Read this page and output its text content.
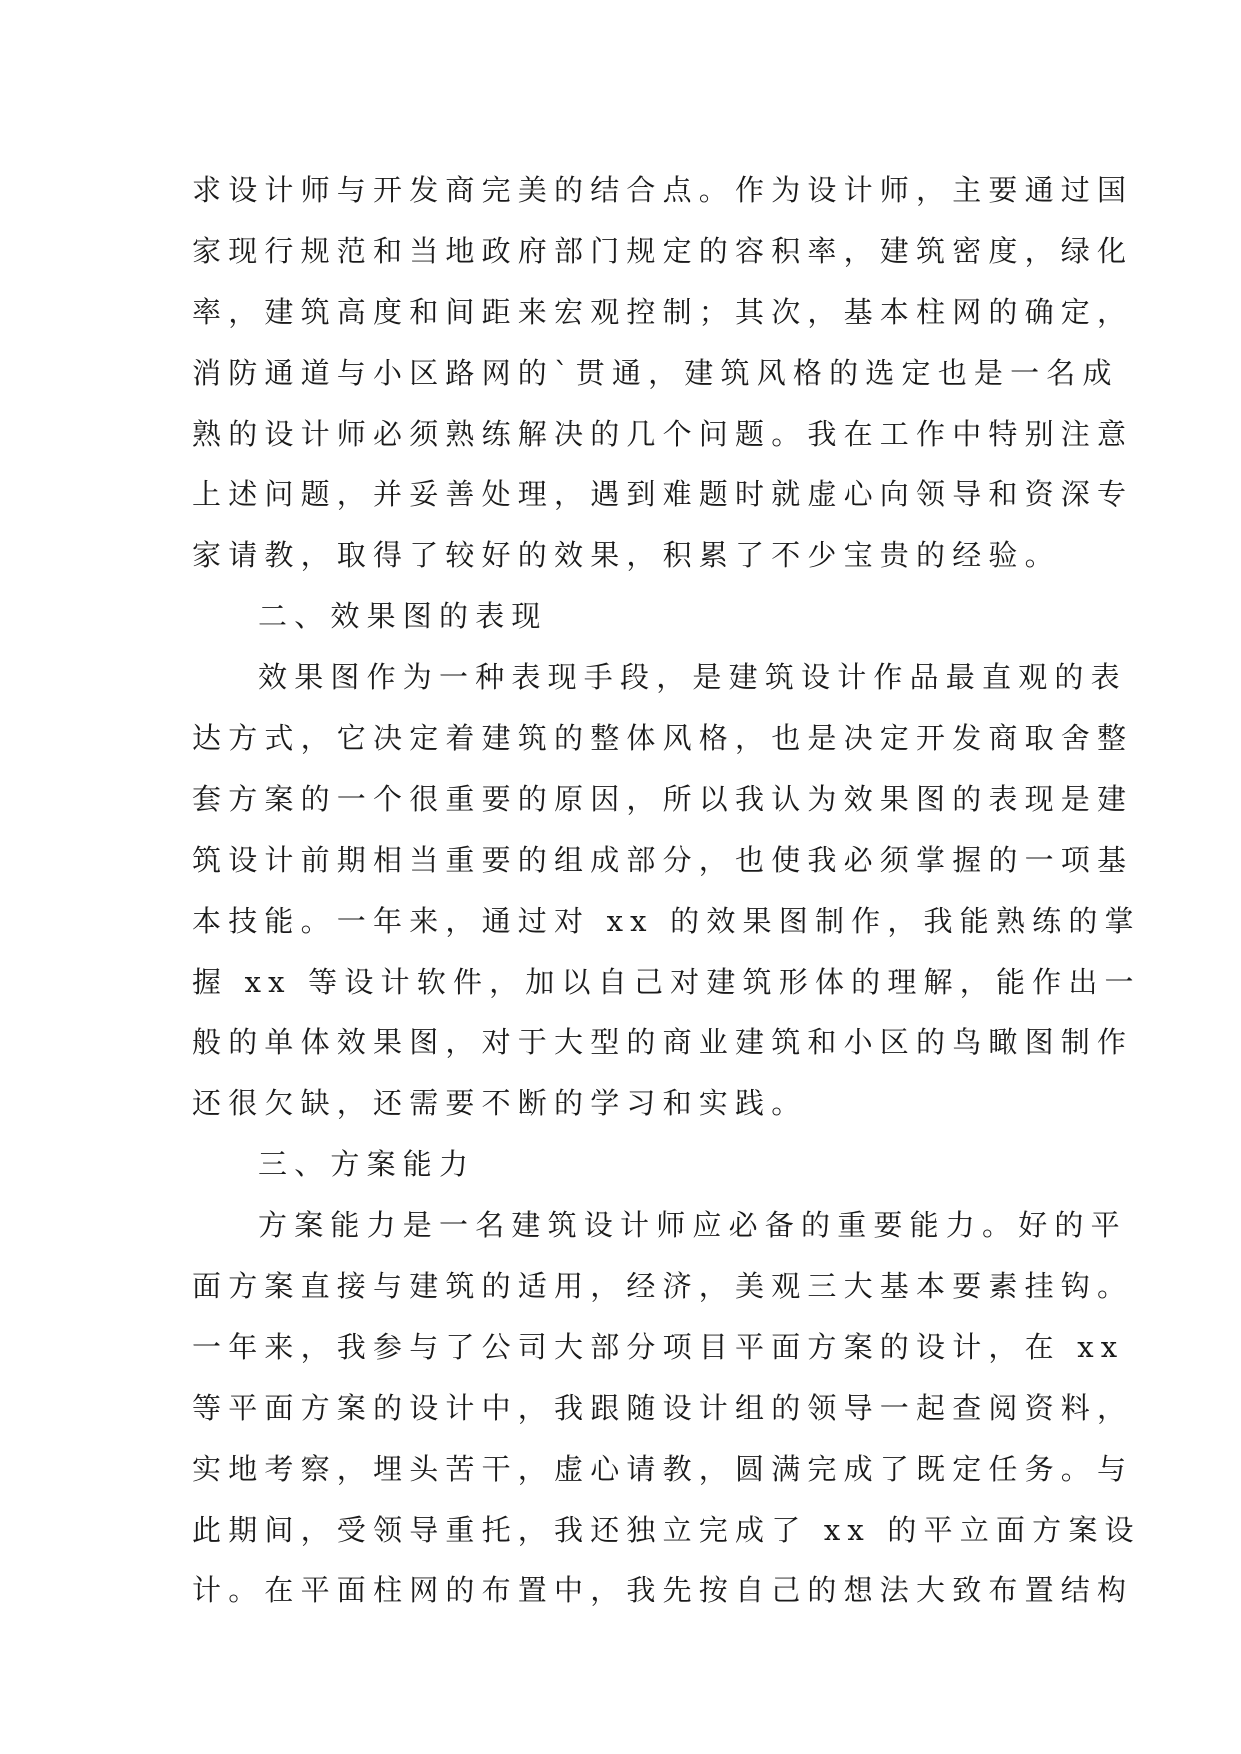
求设计师与开发商完美的结合点。作为设计师，主要通过国
家现行规范和当地政府部门规定的容积率，建筑密度，绿化
率，建筑高度和间距来宏观控制；其次，基本柱网的确定，
消防通道与小区路网的`贯通，建筑风格的选定也是一名成
熟的设计师必须熟练解决的几个问题。我在工作中特别注意
上述问题，并妥善处理，遇到难题时就虚心向领导和资深专
家请教，取得了较好的效果，积累了不少宝贵的经验。
二、效果图的表现
效果图作为一种表现手段，是建筑设计作品最直观的表
达方式，它决定着建筑的整体风格，也是决定开发商取舍整
套方案的一个很重要的原因，所以我认为效果图的表现是建
筑设计前期相当重要的组成部分，也使我必须掌握的一项基
本技能。一年来，通过对 xx 的效果图制作，我能熟练的掌
握 xx 等设计软件，加以自己对建筑形体的理解，能作出一
般的单体效果图，对于大型的商业建筑和小区的鸟瞰图制作
还很欠缺，还需要不断的学习和实践。
三、方案能力
方案能力是一名建筑设计师应必备的重要能力。好的平
面方案直接与建筑的适用，经济，美观三大基本要素挂钩。
一年来，我参与了公司大部分项目平面方案的设计，在 xx
等平面方案的设计中，我跟随设计组的领导一起查阅资料，
实地考察，埋头苦干，虚心请教，圆满完成了既定任务。与
此期间，受领导重托，我还独立完成了 xx 的平立面方案设
计。在平面柱网的布置中，我先按自己的想法大致布置结构
